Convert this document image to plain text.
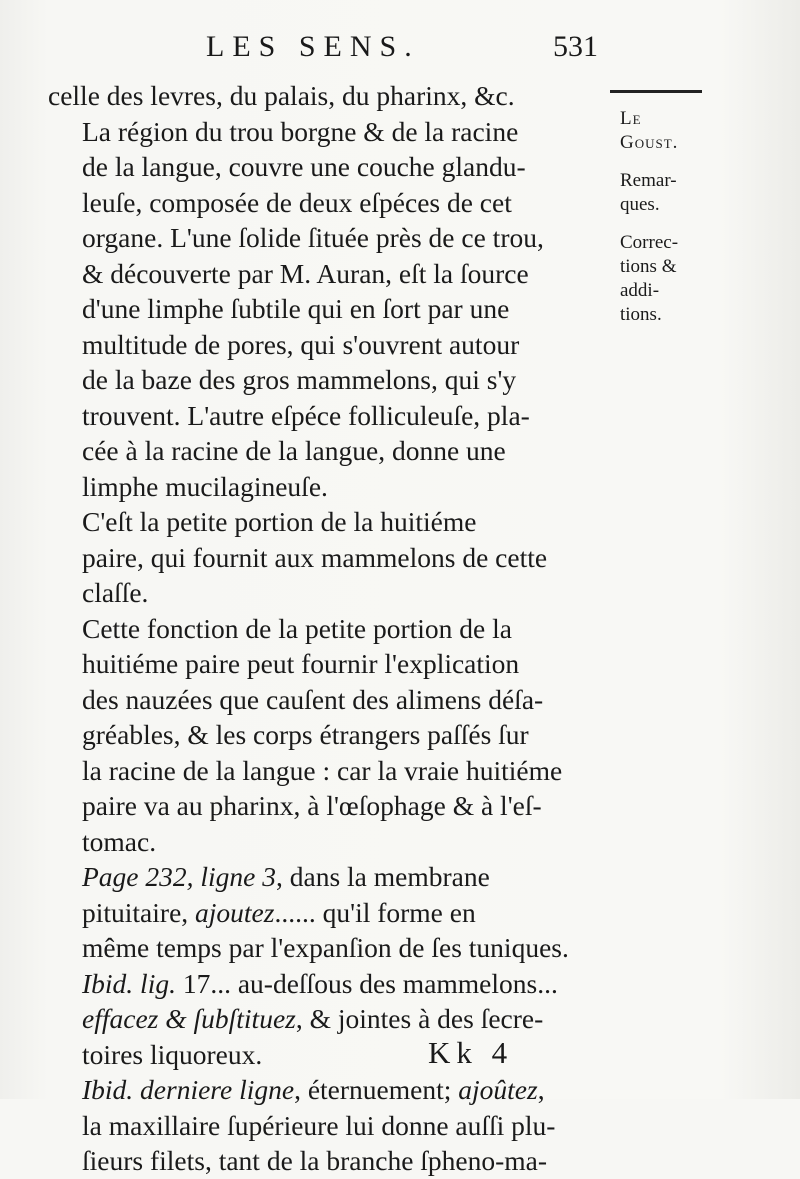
LES SENS.	531

celle des levres, du palais, du pharinx, &c.

La région du trou borgne & de la racine
de la langue, couvre une couche glandu-
leuſe, composée de deux eſpéces de cet
organe. L'une ſolide ſituée près de ce trou,
& découverte par M. Auran, eſt la ſource
d'une limphe ſubtile qui en ſort par une
multitude de pores, qui s'ouvrent autour
de la baze des gros mammelons, qui s'y
trouvent. L'autre eſpéce folliculeuſe, pla-
cée à la racine de la langue, donne une
limphe mucilagineuſe.

C'eſt la petite portion de la huitiéme
paire, qui fournit aux mammelons de cette
claſſe.

Cette fonction de la petite portion de la
huitiéme paire peut fournir l'explication
des nauzées que cauſent des alimens déſa-
gréables, & les corps étrangers paſſés ſur
la racine de la langue : car la vraie huitiéme
paire va au pharinx, à l'œſophage & à l'eſ-
tomac.

Page 232, ligne 3, dans la membrane
pituitaire, ajoutez...... qu'il forme en
même temps par l'expanſion de ſes tuniques.

Ibid. lig. 17... au-deſſous des mammelons...
effacez & ſubſtituez, & jointes à des ſecre-
toires liquoreux.

Ibid. derniere ligne, éternuement; ajoûtez,
la maxillaire ſupérieure lui donne auſſi plu-
ſieurs filets, tant de la branche ſpheno-ma-

Le
Goust.
Remar-
ques.
Correc-
tions &
addi-
tions.
Kk 4
